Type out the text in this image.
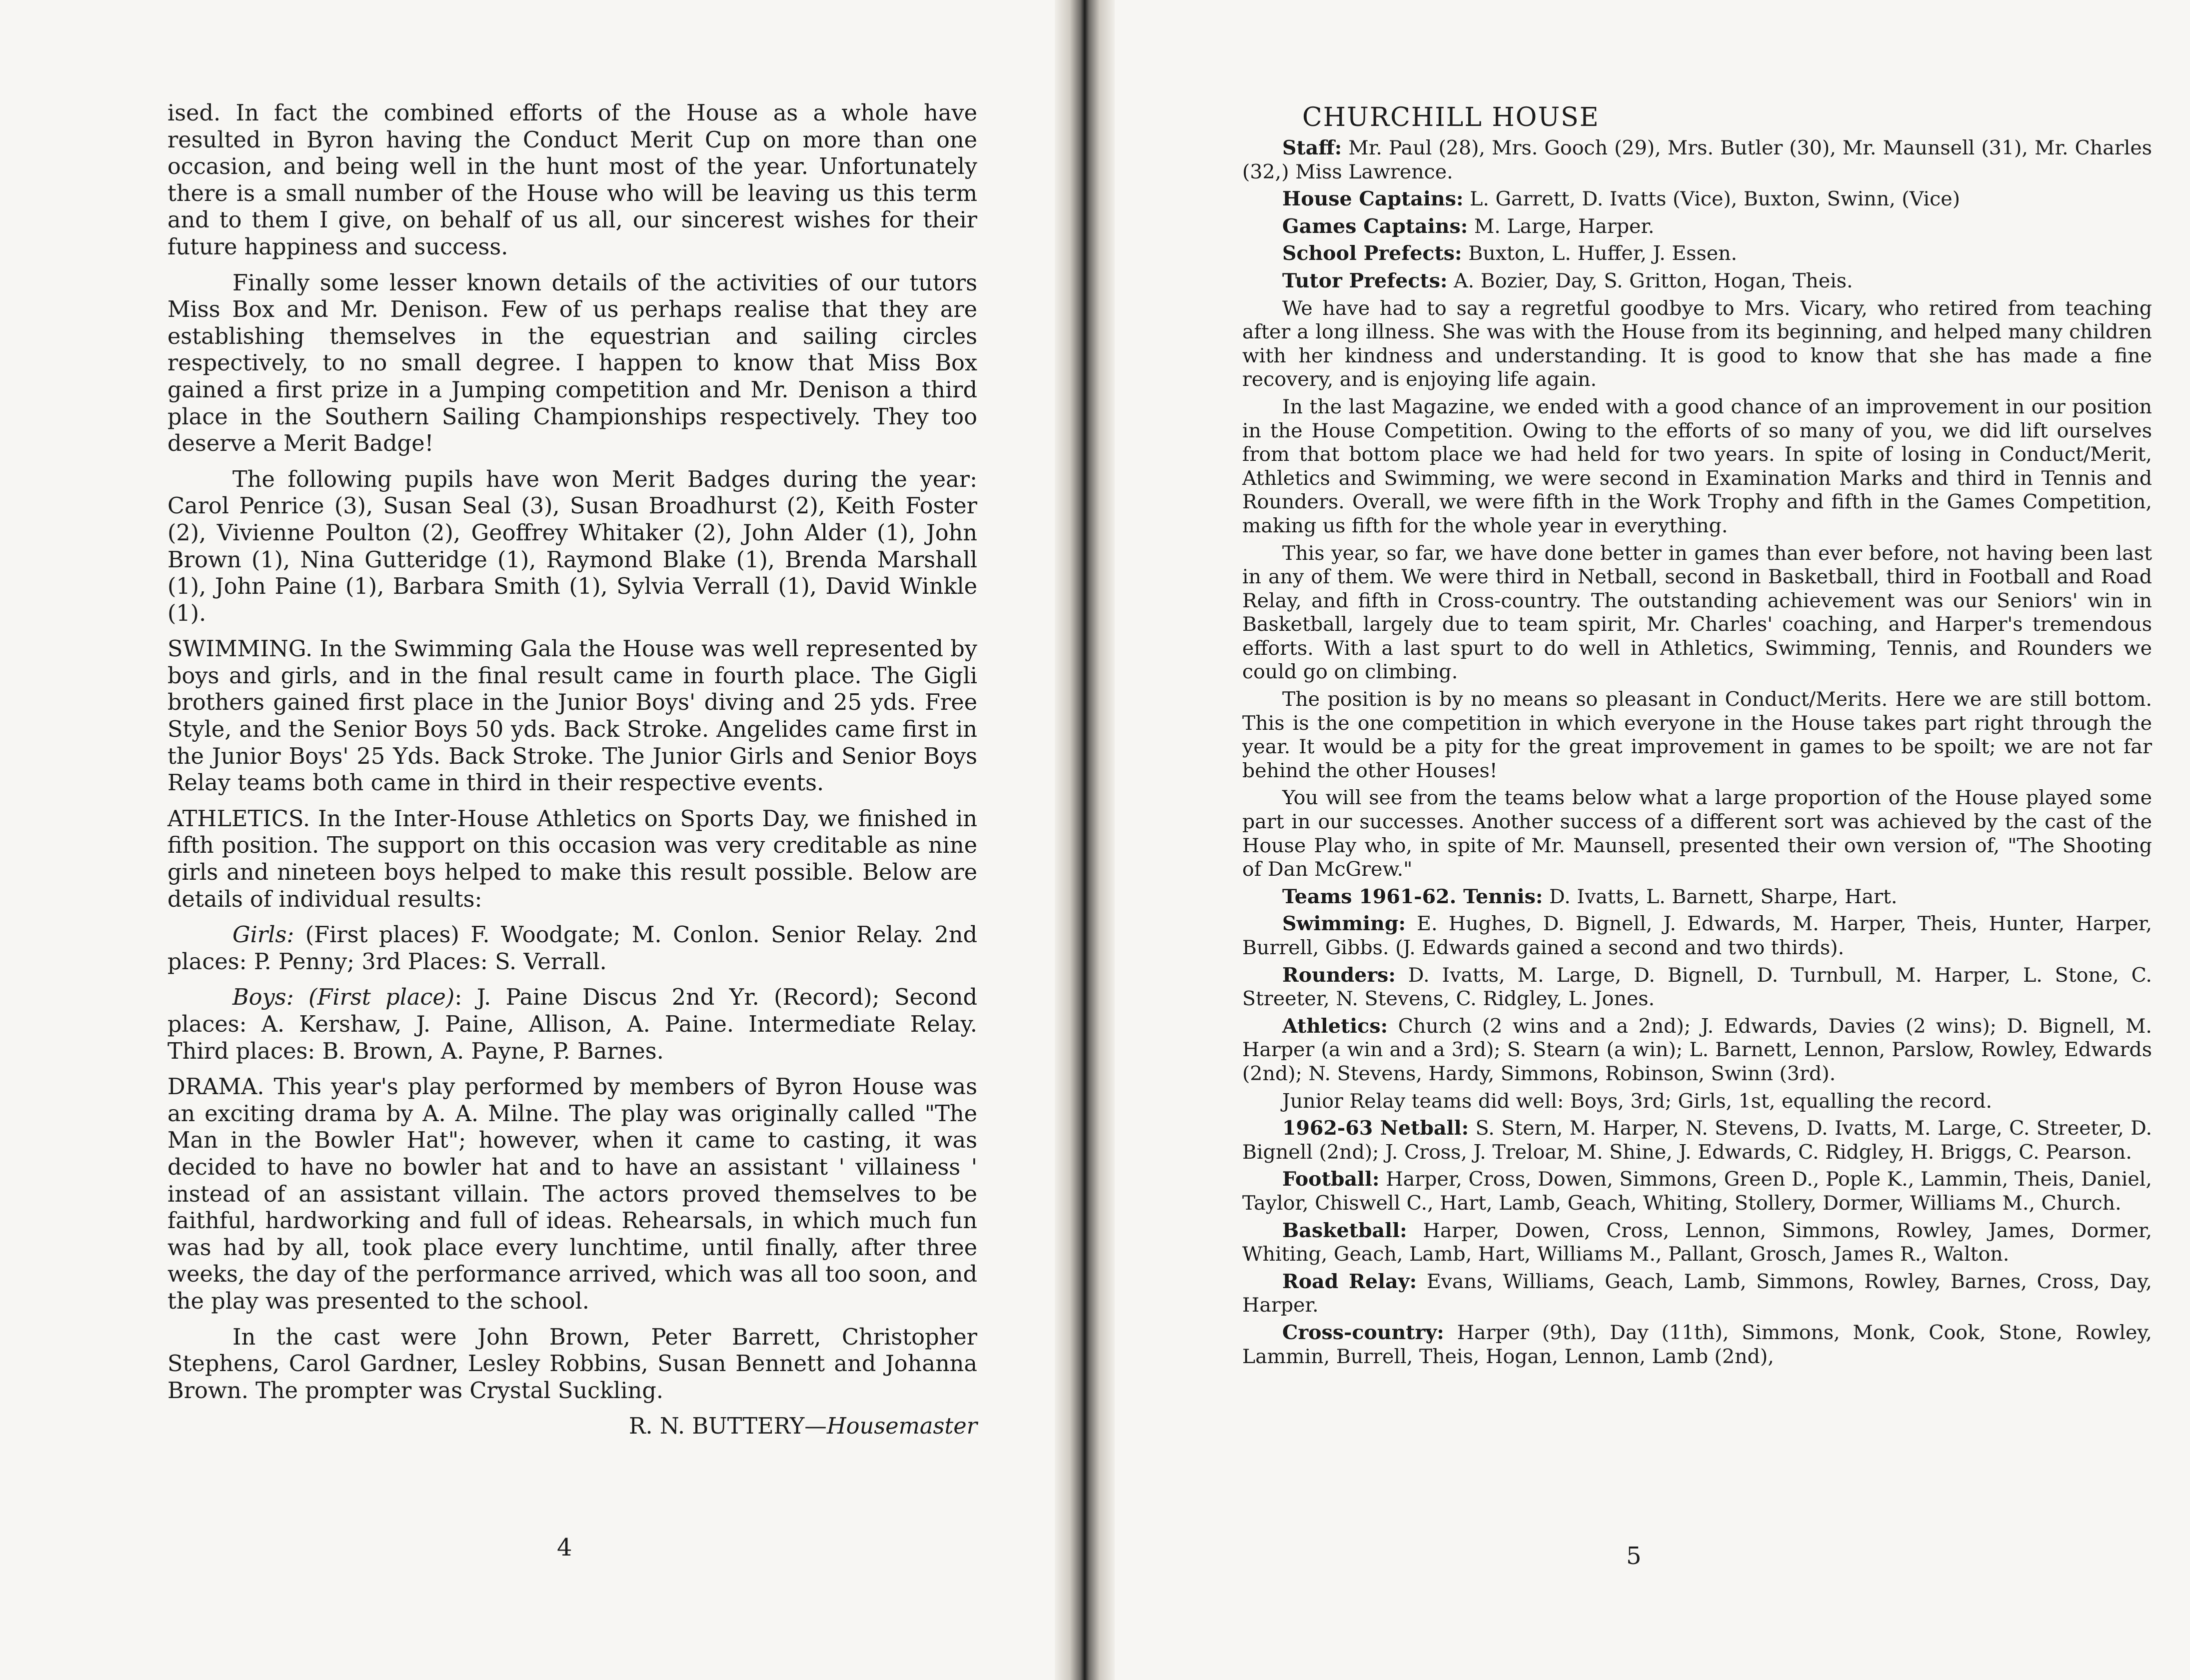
ised. In fact the combined efforts of the House as a whole have resulted in Byron having the Conduct Merit Cup on more than one occasion, and being well in the hunt most of the year. Unfortunately there is a small number of the House who will be leaving us this term and to them I give, on behalf of us all, our sincerest wishes for their future happiness and success.

Finally some lesser known details of the activities of our tutors Miss Box and Mr. Denison. Few of us perhaps realise that they are establishing themselves in the equestrian and sailing circles respectively, to no small degree. I happen to know that Miss Box gained a first prize in a Jumping competition and Mr. Denison a third place in the Southern Sailing Championships respectively. They too deserve a Merit Badge!

The following pupils have won Merit Badges during the year: Carol Penrice (3), Susan Seal (3), Susan Broadhurst (2), Keith Foster (2), Vivienne Poulton (2), Geoffrey Whitaker (2), John Alder (1), John Brown (1), Nina Gutteridge (1), Raymond Blake (1), Brenda Marshall (1), John Paine (1), Barbara Smith (1), Sylvia Verrall (1), David Winkle (1).

SWIMMING. In the Swimming Gala the House was well represented by boys and girls, and in the final result came in fourth place. The Gigli brothers gained first place in the Junior Boys' diving and 25 yds. Free Style, and the Senior Boys 50 yds. Back Stroke. Angelides came first in the Junior Boys' 25 Yds. Back Stroke. The Junior Girls and Senior Boys Relay teams both came in third in their respective events.

ATHLETICS. In the Inter-House Athletics on Sports Day, we finished in fifth position. The support on this occasion was very creditable as nine girls and nineteen boys helped to make this result possible. Below are details of individual results:

Girls: (First places) F. Woodgate; M. Conlon. Senior Relay. 2nd places: P. Penny; 3rd Places: S. Verrall.

Boys: (First place): J. Paine Discus 2nd Yr. (Record); Second places: A. Kershaw, J. Paine, Allison, A. Paine. Intermediate Relay. Third places: B. Brown, A. Payne, P. Barnes.

DRAMA. This year's play performed by members of Byron House was an exciting drama by A. A. Milne. The play was originally called "The Man in the Bowler Hat"; however, when it came to casting, it was decided to have no bowler hat and to have an assistant ' villainess ' instead of an assistant villain. The actors proved themselves to be faithful, hardworking and full of ideas. Rehearsals, in which much fun was had by all, took place every lunchtime, until finally, after three weeks, the day of the performance arrived, which was all too soon, and the play was presented to the school.

In the cast were John Brown, Peter Barrett, Christopher Stephens, Carol Gardner, Lesley Robbins, Susan Bennett and Johanna Brown. The prompter was Crystal Suckling.

R. N. BUTTERY—Housemaster

4
CHURCHILL HOUSE

Staff: Mr. Paul (28), Mrs. Gooch (29), Mrs. Butler (30), Mr. Maunsell (31), Mr. Charles (32,) Miss Lawrence.

House Captains: L. Garrett, D. Ivatts (Vice), Buxton, Swinn, (Vice)

Games Captains: M. Large, Harper.

School Prefects: Buxton, L. Huffer, J. Essen.

Tutor Prefects: A. Bozier, Day, S. Gritton, Hogan, Theis.

We have had to say a regretful goodbye to Mrs. Vicary, who retired from teaching after a long illness. She was with the House from its beginning, and helped many children with her kindness and understanding. It is good to know that she has made a fine recovery, and is enjoying life again.

In the last Magazine, we ended with a good chance of an improvement in our position in the House Competition. Owing to the efforts of so many of you, we did lift ourselves from that bottom place we had held for two years. In spite of losing in Conduct/Merit, Athletics and Swimming, we were second in Examination Marks and third in Tennis and Rounders. Overall, we were fifth in the Work Trophy and fifth in the Games Competition, making us fifth for the whole year in everything.

This year, so far, we have done better in games than ever before, not having been last in any of them. We were third in Netball, second in Basketball, third in Football and Road Relay, and fifth in Cross-country. The outstanding achievement was our Seniors' win in Basketball, largely due to team spirit, Mr. Charles' coaching, and Harper's tremendous efforts. With a last spurt to do well in Athletics, Swimming, Tennis, and Rounders we could go on climbing.

The position is by no means so pleasant in Conduct/Merits. Here we are still bottom. This is the one competition in which everyone in the House takes part right through the year. It would be a pity for the great improvement in games to be spoilt; we are not far behind the other Houses!

You will see from the teams below what a large proportion of the House played some part in our successes. Another success of a different sort was achieved by the cast of the House Play who, in spite of Mr. Maunsell, presented their own version of, "The Shooting of Dan McGrew."

Teams 1961-62. Tennis: D. Ivatts, L. Barnett, Sharpe, Hart.

Swimming: E. Hughes, D. Bignell, J. Edwards, M. Harper, Theis, Hunter, Harper, Burrell, Gibbs. (J. Edwards gained a second and two thirds).

Rounders: D. Ivatts, M. Large, D. Bignell, D. Turnbull, M. Harper, L. Stone, C. Streeter, N. Stevens, C. Ridgley, L. Jones.

Athletics: Church (2 wins and a 2nd); J. Edwards, Davies (2 wins); D. Bignell, M. Harper (a win and a 3rd); S. Stearn (a win); L. Barnett, Lennon, Parslow, Rowley, Edwards (2nd); N. Stevens, Hardy, Simmons, Robinson, Swinn (3rd).

Junior Relay teams did well: Boys, 3rd; Girls, 1st, equalling the record.

1962-63 Netball: S. Stern, M. Harper, N. Stevens, D. Ivatts, M. Large, C. Streeter, D. Bignell (2nd); J. Cross, J. Treloar, M. Shine, J. Edwards, C. Ridgley, H. Briggs, C. Pearson.

Football: Harper, Cross, Dowen, Simmons, Green D., Pople K., Lammin, Theis, Daniel, Taylor, Chiswell C., Hart, Lamb, Geach, Whiting, Stollery, Dormer, Williams M., Church.

Basketball: Harper, Dowen, Cross, Lennon, Simmons, Rowley, James, Dormer, Whiting, Geach, Lamb, Hart, Williams M., Pallant, Grosch, James R., Walton.

Road Relay: Evans, Williams, Geach, Lamb, Simmons, Rowley, Barnes, Cross, Day, Harper.

Cross-country: Harper (9th), Day (11th), Simmons, Monk, Cook, Stone, Rowley, Lammin, Burrell, Theis, Hogan, Lennon, Lamb (2nd),

5
